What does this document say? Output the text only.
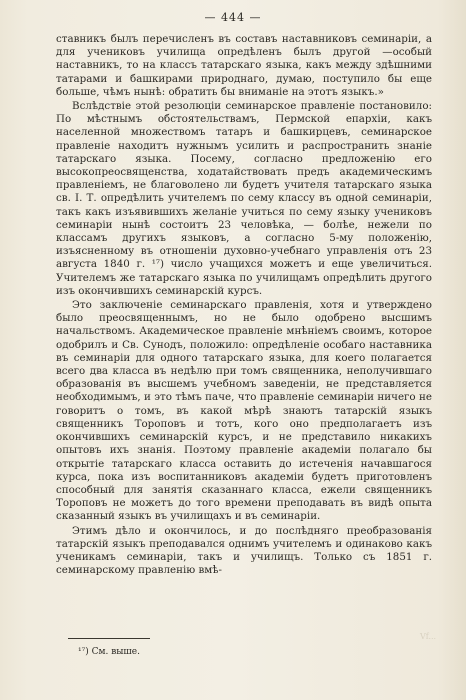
— 444 —

ставникъ былъ перечисленъ въ составъ наставниковъ семинаріи, а для учениковъ училища опредѣленъ былъ другой —особый наставникъ, то на классъ татарскаго языка, какъ между здѣшними татарами и башкирами природнаго, думаю, поступило бы еще больше, чѣмъ нынѣ: обратить бы вниманіе на этотъ языкъ.»

Вслѣдствіе этой резолюціи семинарское правленіе постановило: По мѣстнымъ обстоятельствамъ, Пермской епархіи, какъ населенной множествомъ татаръ и башкирцевъ, семинарское правленіе находитъ нужнымъ усилить и распространить знаніе татарскаго языка. Посему, согласно предложенію его высокопреосвященства, ходатайствовать предъ академическимъ правленіемъ, не благоволено ли будетъ учителя татарскаго языка св. І. Т. опредѣлить учителемъ по сему классу въ одной семинаріи, такъ какъ изъявившихъ желаніе учиться по сему языку учениковъ семинаріи нынѣ состоитъ 23 человѣка, — болѣе, нежели по классамъ другихъ языковъ, а согласно 5-му положенію, изъясненному въ отношеніи духовно-учебнаго управленія отъ 23 августа 1840 г. ¹⁷) число учащихся можетъ и еще увеличиться. Учителемъ же татарскаго языка по училищамъ опредѣлить другого изъ окончившихъ семинарскій курсъ.

Это заключеніе семинарскаго правленія, хотя и утверждено было преосвященнымъ, но не было одобрено высшимъ начальствомъ. Академическое правленіе мнѣніемъ своимъ, которое одобрилъ и Св. Сунодъ, положило: опредѣленіе особаго наставника въ семинаріи для одного татарскаго языка, для коего полагается всего два класса въ недѣлю при томъ священника, неполучившаго образованія въ высшемъ учебномъ заведеніи, не представляется необходимымъ, и это тѣмъ паче, что правленіе семинаріи ничего не говоритъ о томъ, въ какой мѣрѣ знаютъ татарскій языкъ священникъ Тороповъ и тотъ, кого оно предполагаетъ изъ окончившихъ семинарскій курсъ, и не представило никакихъ опытовъ ихъ знанія. Поэтому правленіе академіи полагало бы открытіе татарскаго класса оставить до истеченія начавшагося курса, пока изъ воспитанниковъ академіи будетъ приготовленъ способный для занятія сказаннаго класса, ежели священникъ Тороповъ не можетъ до того времени преподавать въ видѣ опыта сказанный языкъ въ училищахъ и въ семинаріи.

Этимъ дѣло и окончилось, и до послѣдняго преобразованія татарскій языкъ преподавался однимъ учителемъ и одинаково какъ ученикамъ семинаріи, такъ и училищъ. Только съ 1851 г. семинарскому правленію вмѣ-

¹⁷) См. выше.
Vf...
